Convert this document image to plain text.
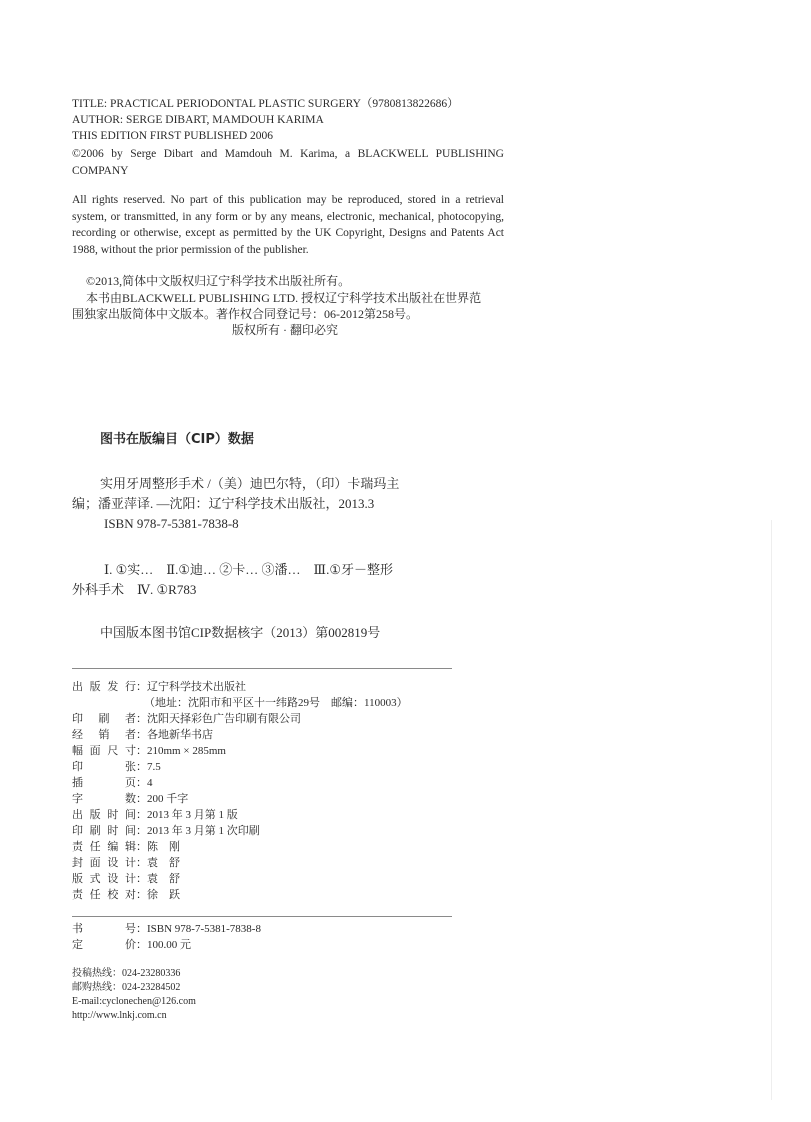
TITLE: PRACTICAL PERIODONTAL PLASTIC SURGERY（9780813822686）
AUTHOR: SERGE DIBART, MAMDOUH KARIMA
THIS EDITION FIRST PUBLISHED 2006
©2006 by Serge Dibart and Mamdouh M. Karima, a BLACKWELL PUBLISHING
COMPANY
All rights reserved. No part of this publication may be reproduced, stored in a retrieval system, or transmitted, in any form or by any means, electronic, mechanical, photocopying, recording or otherwise, except as permitted by the UK Copyright, Designs and Patents Act 1988, without the prior permission of the publisher.
©2013,简体中文版权归辽宁科学技术出版社所有。
本书由BLACKWELL PUBLISHING LTD. 授权辽宁科学技术出版社在世界范
围独家出版简体中文版本。著作权合同登记号：06-2012第258号。
版权所有 · 翻印必究
图书在版编目（CIP）数据
实用牙周整形手术 /（美）迪巴尔特，（印）卡瑞玛主
编；潘亚萍译. —沈阳：辽宁科学技术出版社，2013.3
ISBN 978-7-5381-7838-8
Ⅰ. ①实…　Ⅱ.①迪… ②卡… ③潘…　Ⅲ.①牙－整形
外科手术　Ⅳ. ①R783
中国版本图书馆CIP数据核字（2013）第002819号
出版发行：辽宁科学技术出版社
（地址：沈阳市和平区十一纬路29号　邮编：110003）
印 刷 者：沈阳天择彩色广告印刷有限公司
经 销 者：各地新华书店
幅面尺寸：210mm × 285mm
印　　张：7.5
插　　页：4
字　　数：200 千字
出版时间：2013 年 3 月第 1 版
印刷时间：2013 年 3 月第 1 次印刷
责任编辑：陈　刚
封面设计：袁　舒
版式设计：袁　舒
责任校对：徐　跃
书　　号：ISBN 978-7-5381-7838-8
定　　价：100.00 元
投稿热线：024-23280336
邮购热线：024-23284502
E-mail:cyclonechen@126.com
http://www.lnkj.com.cn
